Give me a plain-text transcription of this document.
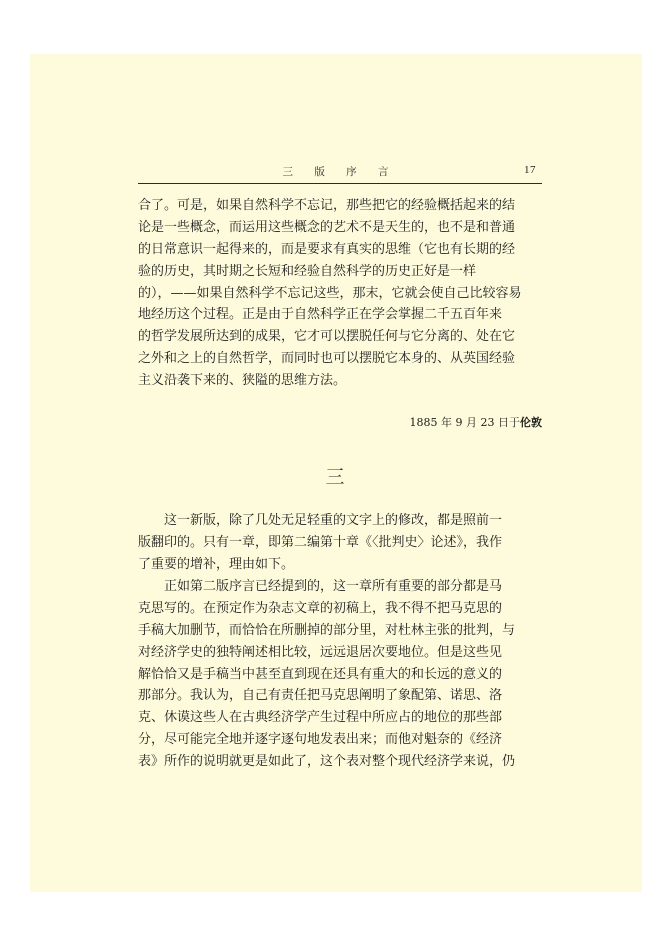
三 版 序 言	17
合了。可是，如果自然科学不忘记，那些把它的经验概括起来的结
论是一些概念，而运用这些概念的艺术不是天生的，也不是和普通
的日常意识一起得来的，而是要求有真实的思维（它也有长期的经
验的历史，其时期之长短和经验自然科学的历史正好是一样
的），——如果自然科学不忘记这些，那末，它就会使自己比较容易
地经历这个过程。正是由于自然科学正在学会掌握二千五百年来
的哲学发展所达到的成果，它才可以摆脱任何与它分离的、处在它
之外和之上的自然哲学，而同时也可以摆脱它本身的、从英国经验
主义沿袭下来的、狭隘的思维方法。
1885 年 9 月 23 日于伦敦
三
这一新版，除了几处无足轻重的文字上的修改，都是照前一
版翻印的。只有一章，即第二编第十章《〈批判史〉论述》，我作
了重要的增补，理由如下。
正如第二版序言已经提到的，这一章所有重要的部分都是马
克思写的。在预定作为杂志文章的初稿上，我不得不把马克思的
手稿大加删节，而恰恰在所删掉的部分里，对杜林主张的批判，与
对经济学史的独特阐述相比较，远远退居次要地位。但是这些见
解恰恰又是手稿当中甚至直到现在还具有重大的和长远的意义的
那部分。我认为，自己有责任把马克思阐明了象配第、诺思、洛
克、休谟这些人在古典经济学产生过程中所应占的地位的那些部
分，尽可能完全地并逐字逐句地发表出来；而他对魁奈的《经济
表》所作的说明就更是如此了，这个表对整个现代经济学来说，仍
